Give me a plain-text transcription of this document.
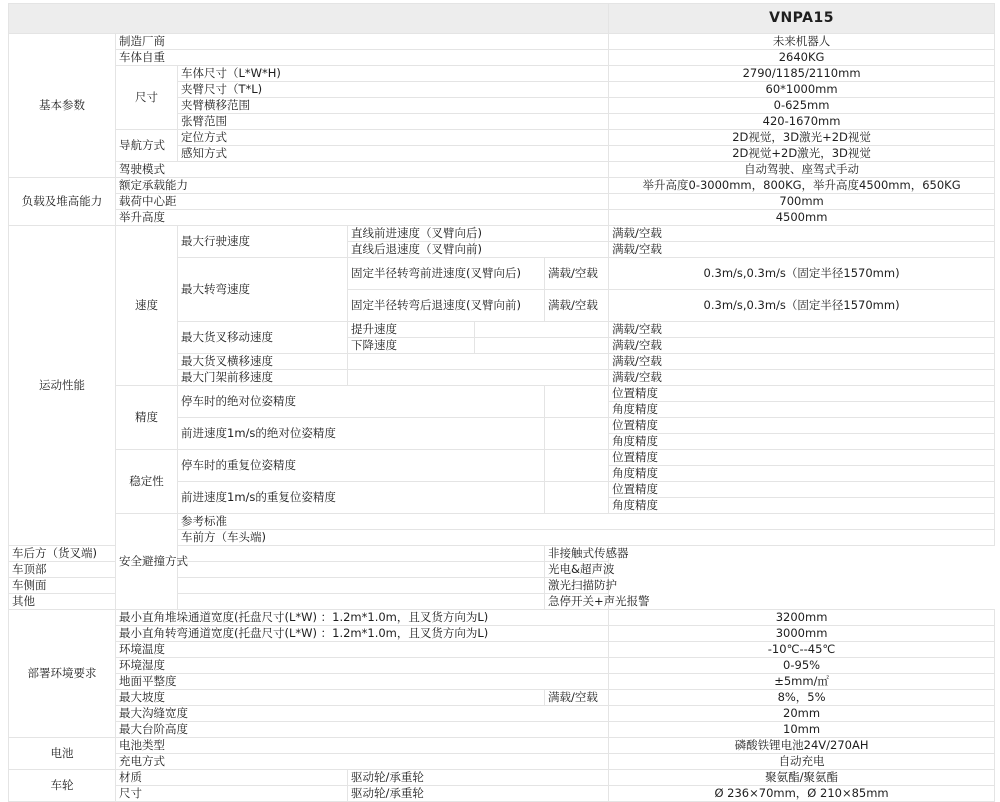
						VNPA15	
基本参数	制造厂商					未来机器人	
	车体自重					2640KG	
	尺寸	车体尺寸（L*W*H)				2790/1185/2110mm	
		夹臂尺寸（T*L)				60*1000mm	
		夹臂横移范围				0-625mm	
		张臂范围				420-1670mm	
	导航方式	定位方式				2D视觉，3D激光+2D视觉	
		感知方式				2D视觉+2D激光，3D视觉	
	驾驶模式					自动驾驶、座驾式手动	
负载及堆高能力	额定承载能力					举升高度0-3000mm，800KG，举升高度4500mm，650KG	
	载荷中心距					700mm	
	举升高度					4500mm	
运动性能	速度	最大行驶速度	直线前进速度（叉臂向后)			满载/空载	
			直线后退速度（叉臂向前)			满载/空载	
		最大转弯速度	固定半径转弯前进速度(叉臂向后)		满载/空载	0.3m/s,0.3m/s（固定半径1570mm)	
			固定半径转弯后退速度(叉臂向前)		满载/空载	0.3m/s,0.3m/s（固定半径1570mm)	
		最大货叉移动速度	提升速度			满载/空载	
			下降速度			满载/空载	
		最大货叉横移速度				满载/空载	
		最大门架前移速度				满载/空载	
	精度	停车时的绝对位姿精度				位置精度	
						角度精度	
		前进速度1m/s的绝对位姿精度				位置精度	
						角度精度	
	稳定性	停车时的重复位姿精度				位置精度	
						角度精度	
		前进速度1m/s的重复位姿精度				位置精度	
						角度精度	
	安全避撞方式	参考标准	
		车前方（车头端)	
车后方（货叉端)					非接触式传感器		
车顶部					光电&超声波		
车侧面					激光扫描防护		
其他					急停开关+声光报警		
部署环境要求	最小直角堆垛通道宽度(托盘尺寸(L*W) ：1.2m*1.0m，且叉货方向为L)					3200mm	
	最小直角转弯通道宽度(托盘尺寸(L*W) ：1.2m*1.0m，且叉货方向为L)					3000mm	
	环境温度					-10℃--45℃	
	环境湿度					0-95%	
	地面平整度					±5mm/㎡	
	最大坡度				满载/空载	8%，5%	
	最大沟缝宽度					20mm	
	最大台阶高度					10mm	
电池	电池类型					磷酸铁锂电池24V/270AH	
	充电方式					自动充电	
车轮	材质		驱动轮/承重轮			聚氨酯/聚氨酯	
	尺寸		驱动轮/承重轮			Ø 236×70mm，Ø 210×85mm	
